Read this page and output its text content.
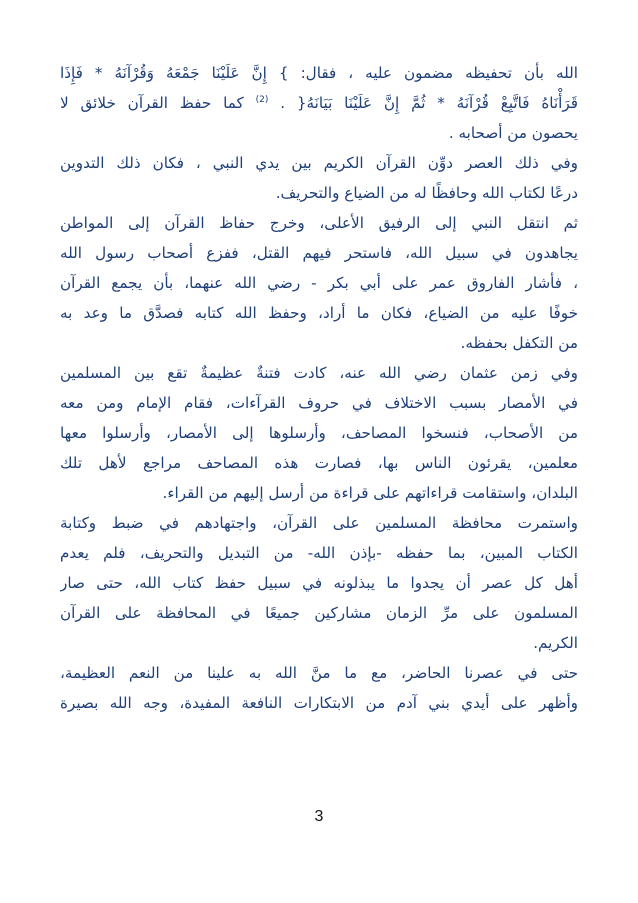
الله بأن تحفيظه مضمون عليه ، فقال: } إِنَّ عَلَيْنَا جَمْعَهُ وَقُرْآنَهُ * فَإِذَا
قَرَأْنَاهُ فَاتَّبِعْ قُرْآنَهُ * ثُمَّ إِنَّ عَلَيْنَا بَيَانَهُ{ . $^{(2)}$ كما حفظ القرآن خلائق لا
يحصون من أصحابه .
وفي ذلك العصر دوِّن القرآن الكريم بين يدي النبي ، فكان ذلك التدوين
درعًا لكتاب الله وحافظًا له من الضياع والتحريف.
ثم انتقل النبي إلى الرفيق الأعلى، وخرج حفاظ القرآن إلى المواطن
يجاهدون في سبيل الله، فاستحر فيهم القتل، ففزع أصحاب رسول الله
، فأشار الفاروق عمر على أبي بكر - رضي الله عنهما، بأن يجمع القرآن
خوفًا عليه من الضياع، فكان ما أراد، وحفظ الله كتابه فصدَّق ما وعد به
من التكفل بحفظه.
وفي زمن عثمان رضي الله عنه، كادت فتنةٌ عظيمةٌ تقع بين المسلمين
في الأمصار بسبب الاختلاف في حروف القرآءات، فقام الإمام ومن معه
من الأصحاب، فنسخوا المصاحف، وأرسلوها إلى الأمصار، وأرسلوا معها
معلمين، يقرئون الناس بها، فصارت هذه المصاحف مراجع لأهل تلك
البلدان، واستقامت قراءاتهم على قراءة من أرسل إليهم من القراء.
واستمرت محافظة المسلمين على القرآن، واجتهادهم في ضبط وكتابة
الكتاب المبين، بما حفظه -بإذن الله- من التبديل والتحريف، فلم يعدم
أهل كل عصر أن يجدوا ما يبذلونه في سبيل حفظ كتاب الله، حتى صار
المسلمون على مرِّ الزمان مشاركين جميعًا في المحافظة على القرآن
الكريم.
حتى في عصرنا الحاضر، مع ما منَّ الله به علينا من النعم العظيمة،
وأظهر على أيدي بني آدم من الابتكارات النافعة المفيدة، وجه الله بصيرة
3
